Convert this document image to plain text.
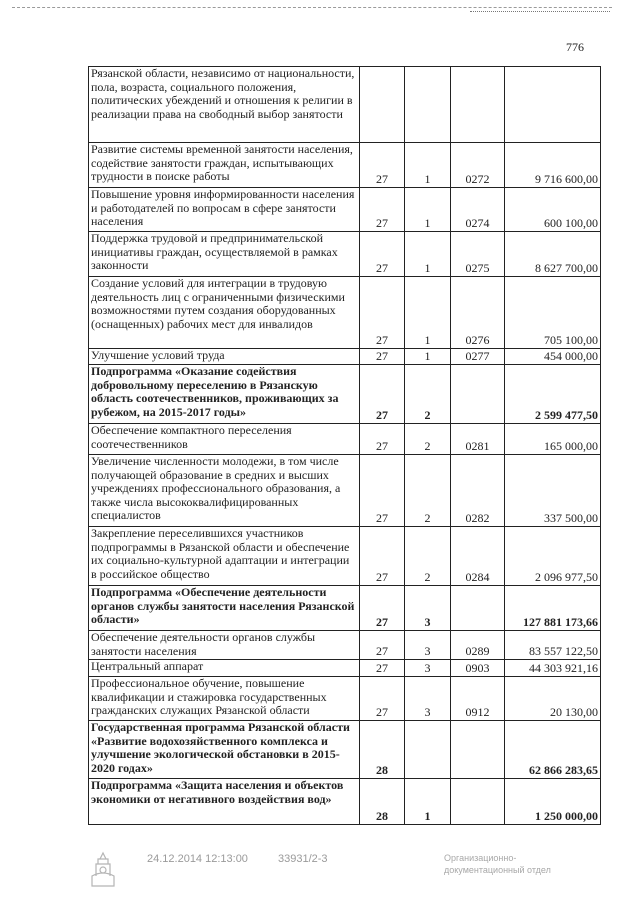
776
Рязанской области, независимо от национальности, пола, возраста, социального положения, политических убеждений и отношения к религии в реализации права на свободный выбор занятости				
Развитие системы временной занятости населения, содействие занятости граждан, испытывающих трудности в поиске работы	27	1	0272	9 716 600,00
Повышение уровня информированности населения и работодателей по вопросам в сфере занятости населения	27	1	0274	600 100,00
Поддержка трудовой и предпринимательской инициативы граждан, осуществляемой в рамках законности	27	1	0275	8 627 700,00
Создание условий для интеграции в трудовую деятельность лиц с ограниченными физическими возможностями путем создания оборудованных (оснащенных) рабочих мест для инвалидов	27	1	0276	705 100,00
Улучшение условий труда	27	1	0277	454 000,00
Подпрограмма «Оказание содействия добровольному переселению в Рязанскую область соотечественников, проживающих за рубежом, на 2015-2017 годы»	27	2		2 599 477,50
Обеспечение компактного переселения соотечественников	27	2	0281	165 000,00
Увеличение численности молодежи, в том числе получающей образование в средних и высших учреждениях профессионального образования, а также числа высококвалифицированных специалистов	27	2	0282	337 500,00
Закрепление переселившихся участников подпрограммы в Рязанской области и обеспечение их социально-культурной адаптации и интеграции в российское общество	27	2	0284	2 096 977,50
Подпрограмма «Обеспечение деятельности органов службы занятости населения Рязанской области»	27	3		127 881 173,66
Обеспечение деятельности органов службы занятости населения	27	3	0289	83 557 122,50
Центральный аппарат	27	3	0903	44 303 921,16
Профессиональное обучение, повышение квалификации и стажировка государственных гражданских служащих Рязанской области	27	3	0912	20 130,00
Государственная программа Рязанской области «Развитие водохозяйственного комплекса и улучшение экологической обстановки в 2015-2020 годах»	28			62 866 283,65
Подпрограмма «Защита населения и объектов экономики от негативного воздействия вод»	28	1		1 250 000,00
24.12.2014 12:13:00	33931/2-3	Организационно-
документационный отдел
